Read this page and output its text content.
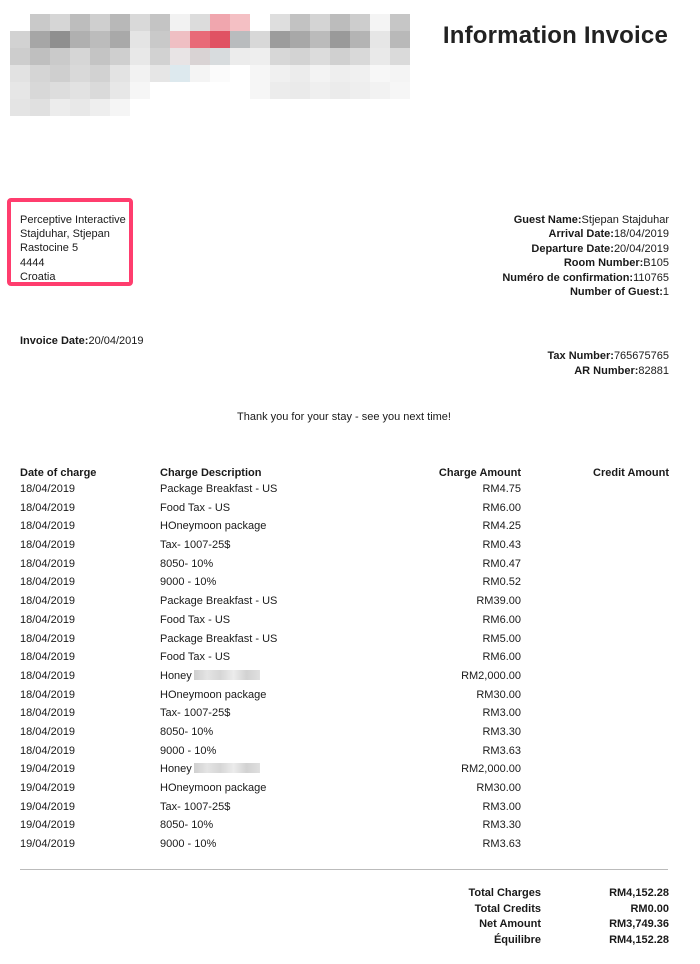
Information Invoice
Perceptive Interactive
Stajduhar, Stjepan
Rastocine 5
4444
Croatia
Guest Name:Stjepan Stajduhar
Arrival Date:18/04/2019
Departure Date:20/04/2019
Room Number:B105
Numéro de confirmation:110765
Number of Guest:1
Invoice Date:20/04/2019
Tax Number:765675765
AR Number:82881
Thank you for your stay - see you next time!
Date of charge	Charge Description	Charge Amount	Credit Amount
18/04/2019	Package Breakfast - US	RM4.75
18/04/2019	Food Tax - US	RM6.00
18/04/2019	HOneymoon package	RM4.25
18/04/2019	Tax- 1007-25$	RM0.43
18/04/2019	8050- 10%	RM0.47
18/04/2019	9000 - 10%	RM0.52
18/04/2019	Package Breakfast - US	RM39.00
18/04/2019	Food Tax - US	RM6.00
18/04/2019	Package Breakfast - US	RM5.00
18/04/2019	Food Tax - US	RM6.00
18/04/2019	Honey	RM2,000.00
18/04/2019	HOneymoon package	RM30.00
18/04/2019	Tax- 1007-25$	RM3.00
18/04/2019	8050- 10%	RM3.30
18/04/2019	9000 - 10%	RM3.63
19/04/2019	Honey	RM2,000.00
19/04/2019	HOneymoon package	RM30.00
19/04/2019	Tax- 1007-25$	RM3.00
19/04/2019	8050- 10%	RM3.30
19/04/2019	9000 - 10%	RM3.63
Total Charges	RM4,152.28
Total Credits	RM0.00
Net Amount	RM3,749.36
Équilibre	RM4,152.28
